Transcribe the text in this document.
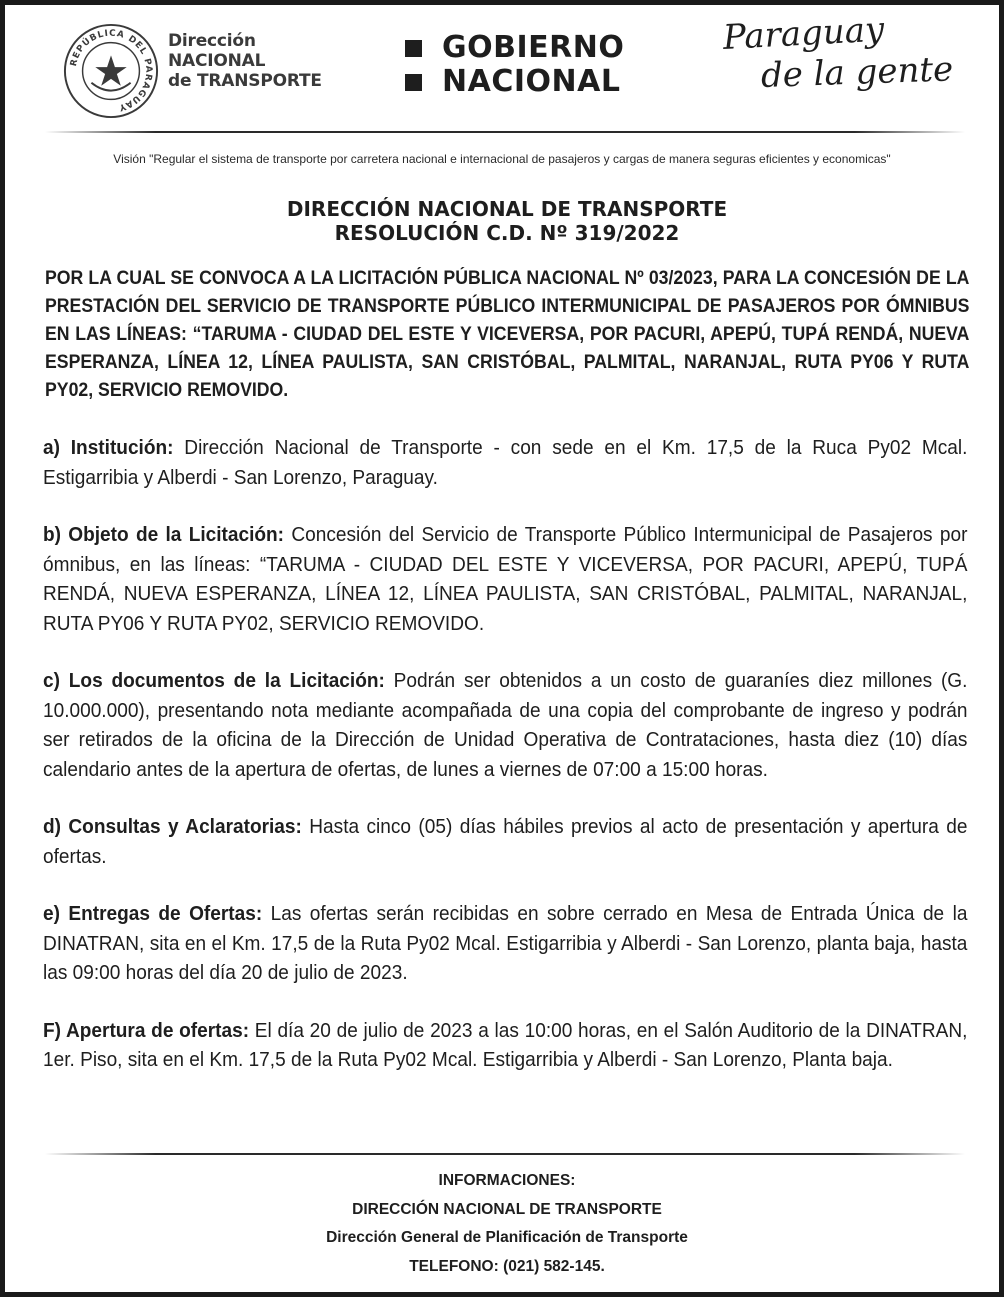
REPÚBLICA DEL PARAGUAY
Dirección
NACIONAL
de TRANSPORTE
GOBIERNO
NACIONAL
Paraguay
de la gente
Visión "Regular el sistema de transporte por carretera nacional e internacional de pasajeros y cargas de manera seguras eficientes y economicas"
DIRECCIÓN NACIONAL DE TRANSPORTE
RESOLUCIÓN C.D. Nº 319/2022
POR LA CUAL SE CONVOCA A LA LICITACIÓN PÚBLICA NACIONAL Nº 03/2023, PARA LA CONCESIÓN DE LA PRESTACIÓN DEL SERVICIO DE TRANSPORTE PÚBLICO INTERMUNICIPAL DE PASAJEROS POR ÓMNIBUS EN LAS LÍNEAS: “TARUMA - CIUDAD DEL ESTE Y VICEVERSA, POR PACURI, APEPÚ, TUPÁ RENDÁ, NUEVA ESPERANZA, LÍNEA 12, LÍNEA PAULISTA, SAN CRISTÓBAL, PALMITAL, NARANJAL, RUTA PY06 Y RUTA PY02, SERVICIO REMOVIDO.

a) Institución: Dirección Nacional de Transporte - con sede en el Km. 17,5 de la Ruca Py02 Mcal. Estigarribia y Alberdi - San Lorenzo, Paraguay.

b) Objeto de la Licitación: Concesión del Servicio de Transporte Público Intermunicipal de Pasajeros por ómnibus, en las líneas: “TARUMA - CIUDAD DEL ESTE Y VICEVERSA, POR PACURI, APEPÚ, TUPÁ RENDÁ, NUEVA ESPERANZA, LÍNEA 12, LÍNEA PAULISTA, SAN CRISTÓBAL, PALMITAL, NARANJAL, RUTA PY06 Y RUTA PY02, SERVICIO REMOVIDO.

c) Los documentos de la Licitación: Podrán ser obtenidos a un costo de guaraníes diez millones (G. 10.000.000), presentando nota mediante acompañada de una copia del comprobante de ingreso y podrán ser retirados de la oficina de la Dirección de Unidad Operativa de Contrataciones, hasta diez (10) días calendario antes de la apertura de ofertas, de lunes a viernes de 07:00 a 15:00 horas.

d) Consultas y Aclaratorias: Hasta cinco (05) días hábiles previos al acto de presentación y apertura de ofertas.

e) Entregas de Ofertas: Las ofertas serán recibidas en sobre cerrado en Mesa de Entrada Única de la DINATRAN, sita en el Km. 17,5 de la Ruta Py02 Mcal. Estigarribia y Alberdi - San Lorenzo, planta baja, hasta las 09:00 horas del día 20 de julio de 2023.

F) Apertura de ofertas: El día 20 de julio de 2023 a las 10:00 horas, en el Salón Auditorio de la DINATRAN, 1er. Piso, sita en el Km. 17,5 de la Ruta Py02 Mcal. Estigarribia y Alberdi - San Lorenzo, Planta baja.

INFORMACIONES:
DIRECCIÓN NACIONAL DE TRANSPORTE
Dirección General de Planificación de Transporte
TELEFONO: (021) 582-145.
